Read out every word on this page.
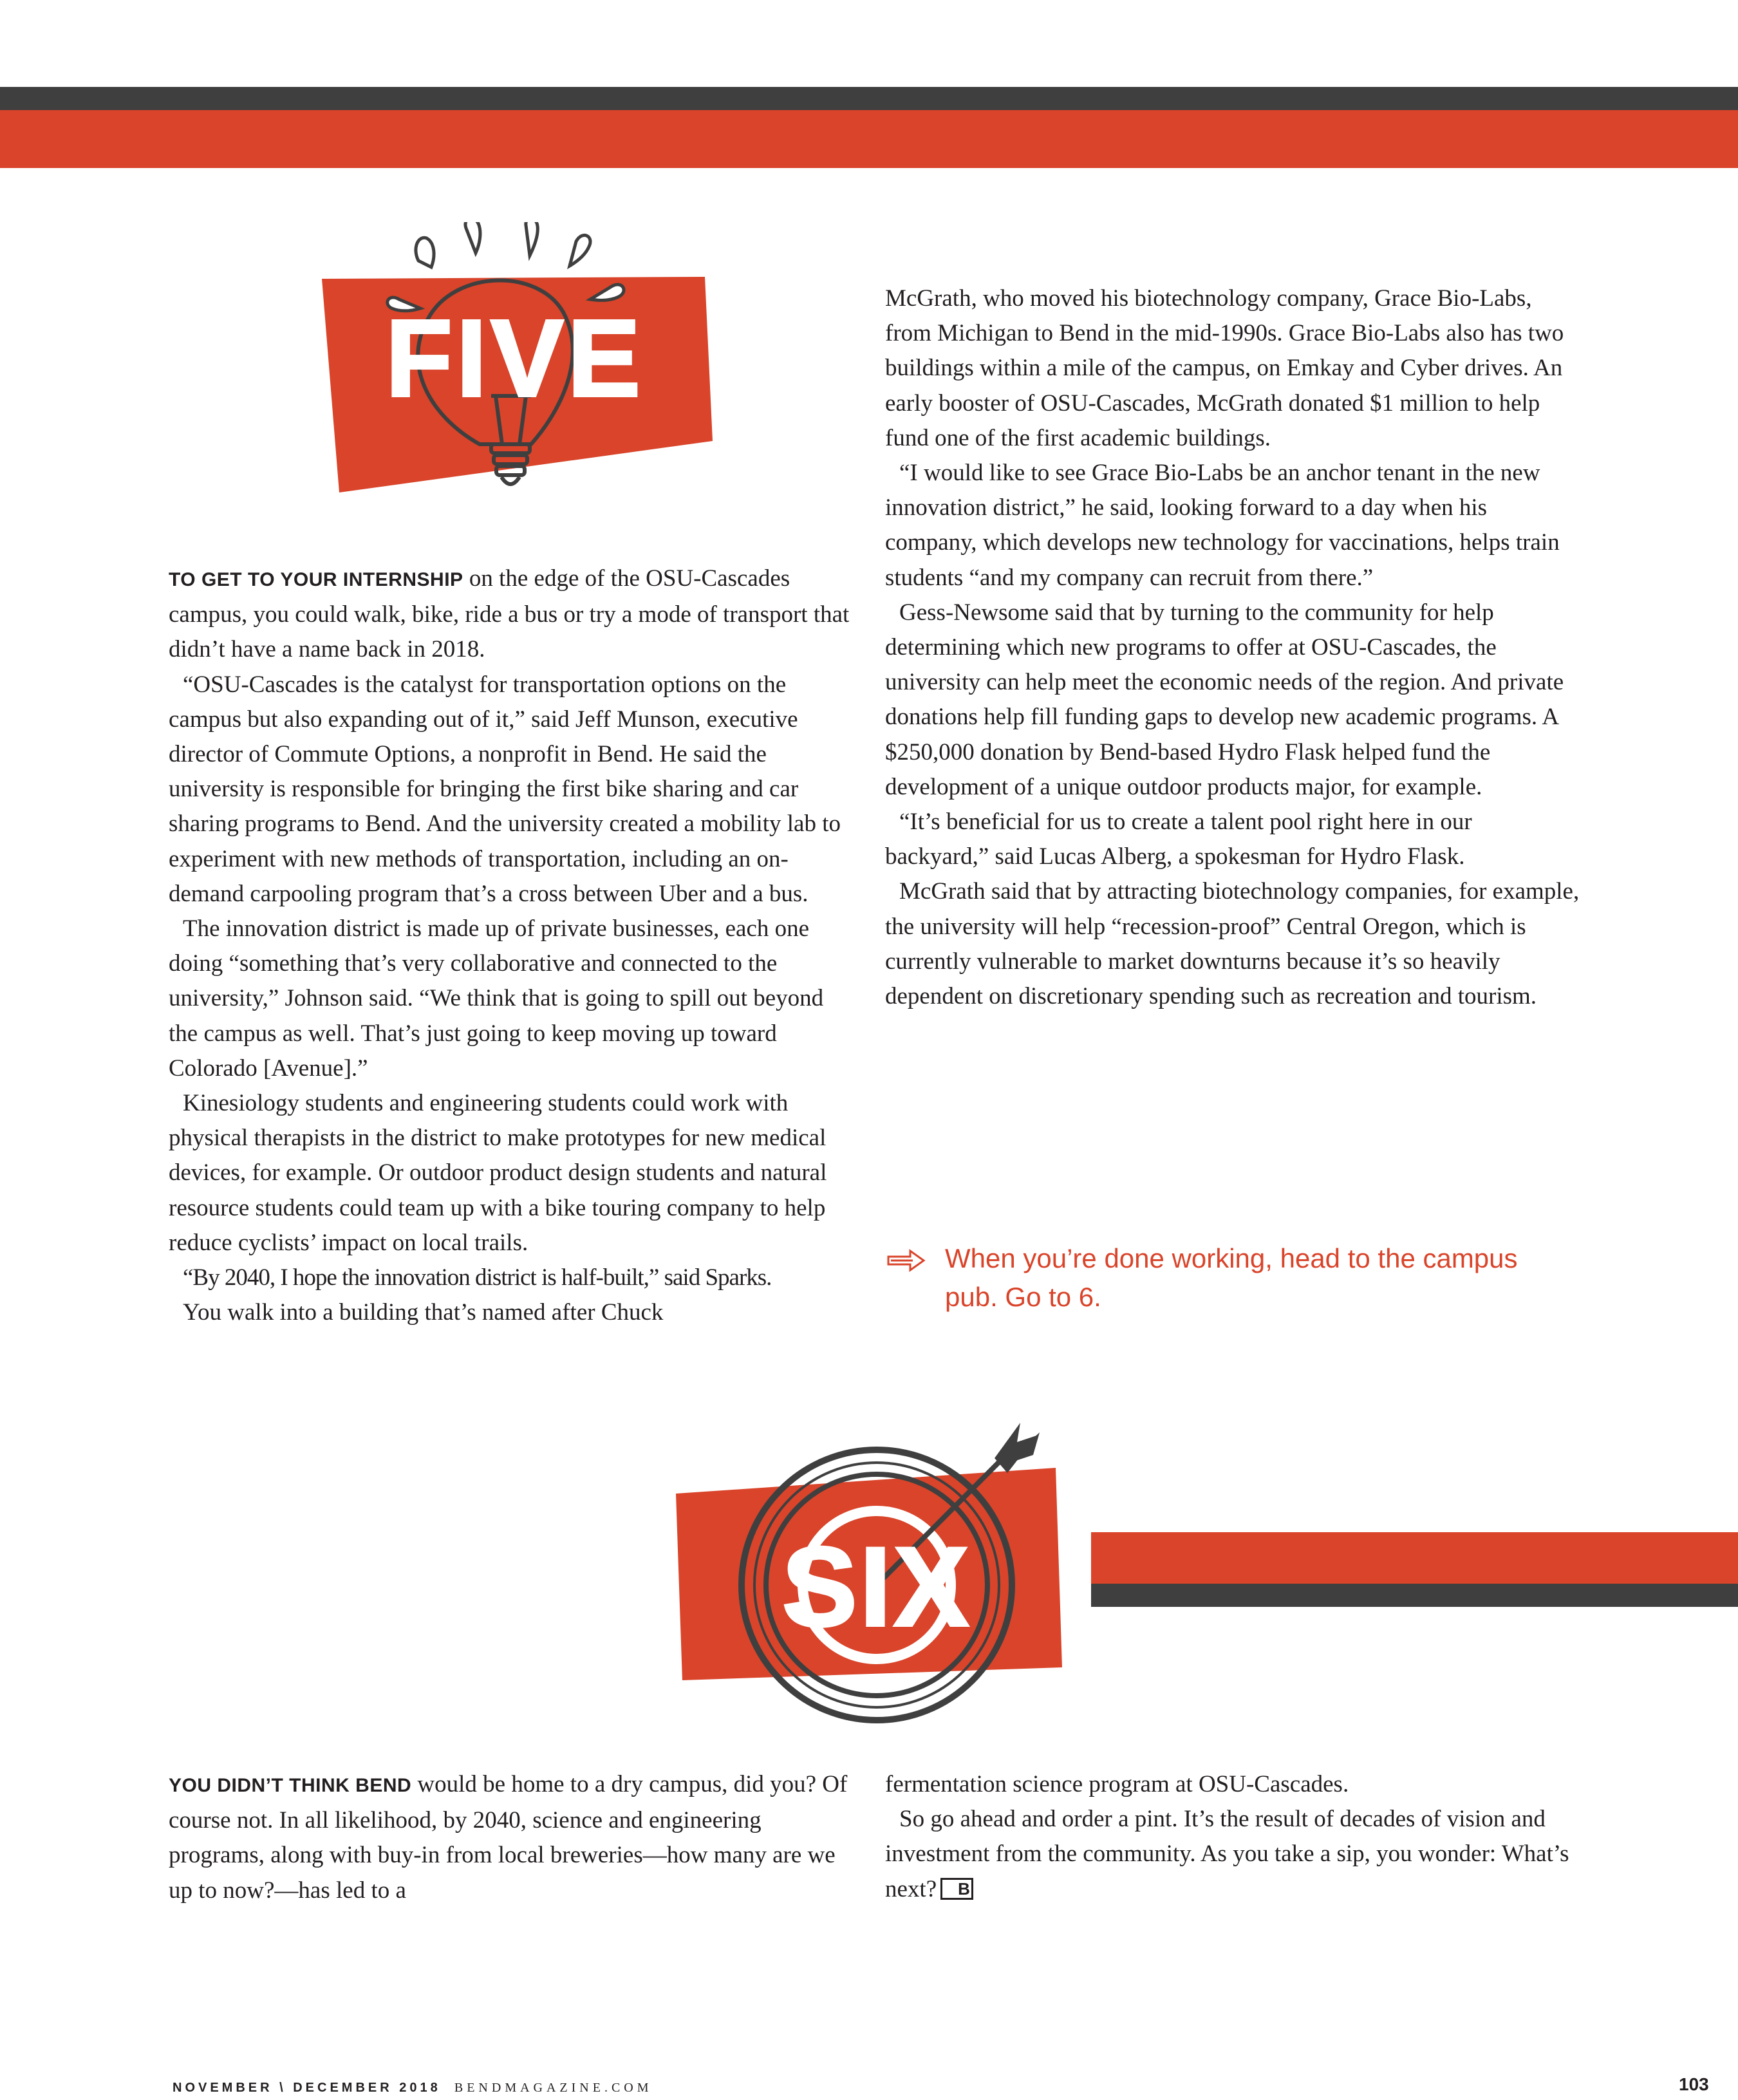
FIVE

TO GET TO YOUR INTERNSHIP on the edge of the OSU-Cascades campus, you could walk, bike, ride a bus or try a mode of transport that didn’t have a name back in 2018.

“OSU-Cascades is the catalyst for transportation options on the campus but also expanding out of it,” said Jeff Munson, executive director of Commute Options, a nonprofit in Bend. He said the university is responsible for bringing the first bike sharing and car sharing programs to Bend. And the university created a mobility lab to experiment with new methods of transportation, including an on-demand carpooling program that’s a cross between Uber and a bus.

The innovation district is made up of private businesses, each one doing “something that’s very collaborative and connected to the university,” Johnson said. “We think that is going to spill out beyond the campus as well. That’s just going to keep moving up toward Colorado [Avenue].”

Kinesiology students and engineering students could work with physical therapists in the district to make prototypes for new medical devices, for example. Or outdoor product design students and natural resource students could team up with a bike touring company to help reduce cyclists’ impact on local trails.

“By 2040, I hope the innovation district is half-built,” said Sparks.

You walk into a building that’s named after Chuck

McGrath, who moved his biotechnology company, Grace Bio-Labs, from Michigan to Bend in the mid-1990s. Grace Bio-Labs also has two buildings within a mile of the campus, on Emkay and Cyber drives. An early booster of OSU-Cascades, McGrath donated $1 million to help fund one of the first academic buildings.

“I would like to see Grace Bio-Labs be an anchor tenant in the new innovation district,” he said, looking forward to a day when his company, which develops new technology for vaccinations, helps train students “and my company can recruit from there.”

Gess-Newsome said that by turning to the community for help determining which new programs to offer at OSU-Cascades, the university can help meet the economic needs of the region. And private donations help fill funding gaps to develop new academic programs. A $250,000 donation by Bend-based Hydro Flask helped fund the development of a unique outdoor products major, for example.

“It’s beneficial for us to create a talent pool right here in our backyard,” said Lucas Alberg, a spokesman for Hydro Flask.

McGrath said that by attracting biotechnology companies, for example, the university will help “recession-proof” Central Oregon, which is currently vulnerable to market downturns because it’s so heavily dependent on discretionary spending such as recreation and tourism.

When you’re done working, head to the campus pub. Go to 6.
SIX

YOU DIDN’T THINK BEND would be home to a dry campus, did you? Of course not. In all likelihood, by 2040, science and engineering programs, along with buy-in from local breweries—how many are we up to now?—has led to a

fermentation science program at OSU-Cascades.

So go ahead and order a pint. It’s the result of decades of vision and investment from the community. As you take a sip, you wonder: What’s next? B

NOVEMBER \ DECEMBER 2018 BENDMAGAZINE.COM	103
